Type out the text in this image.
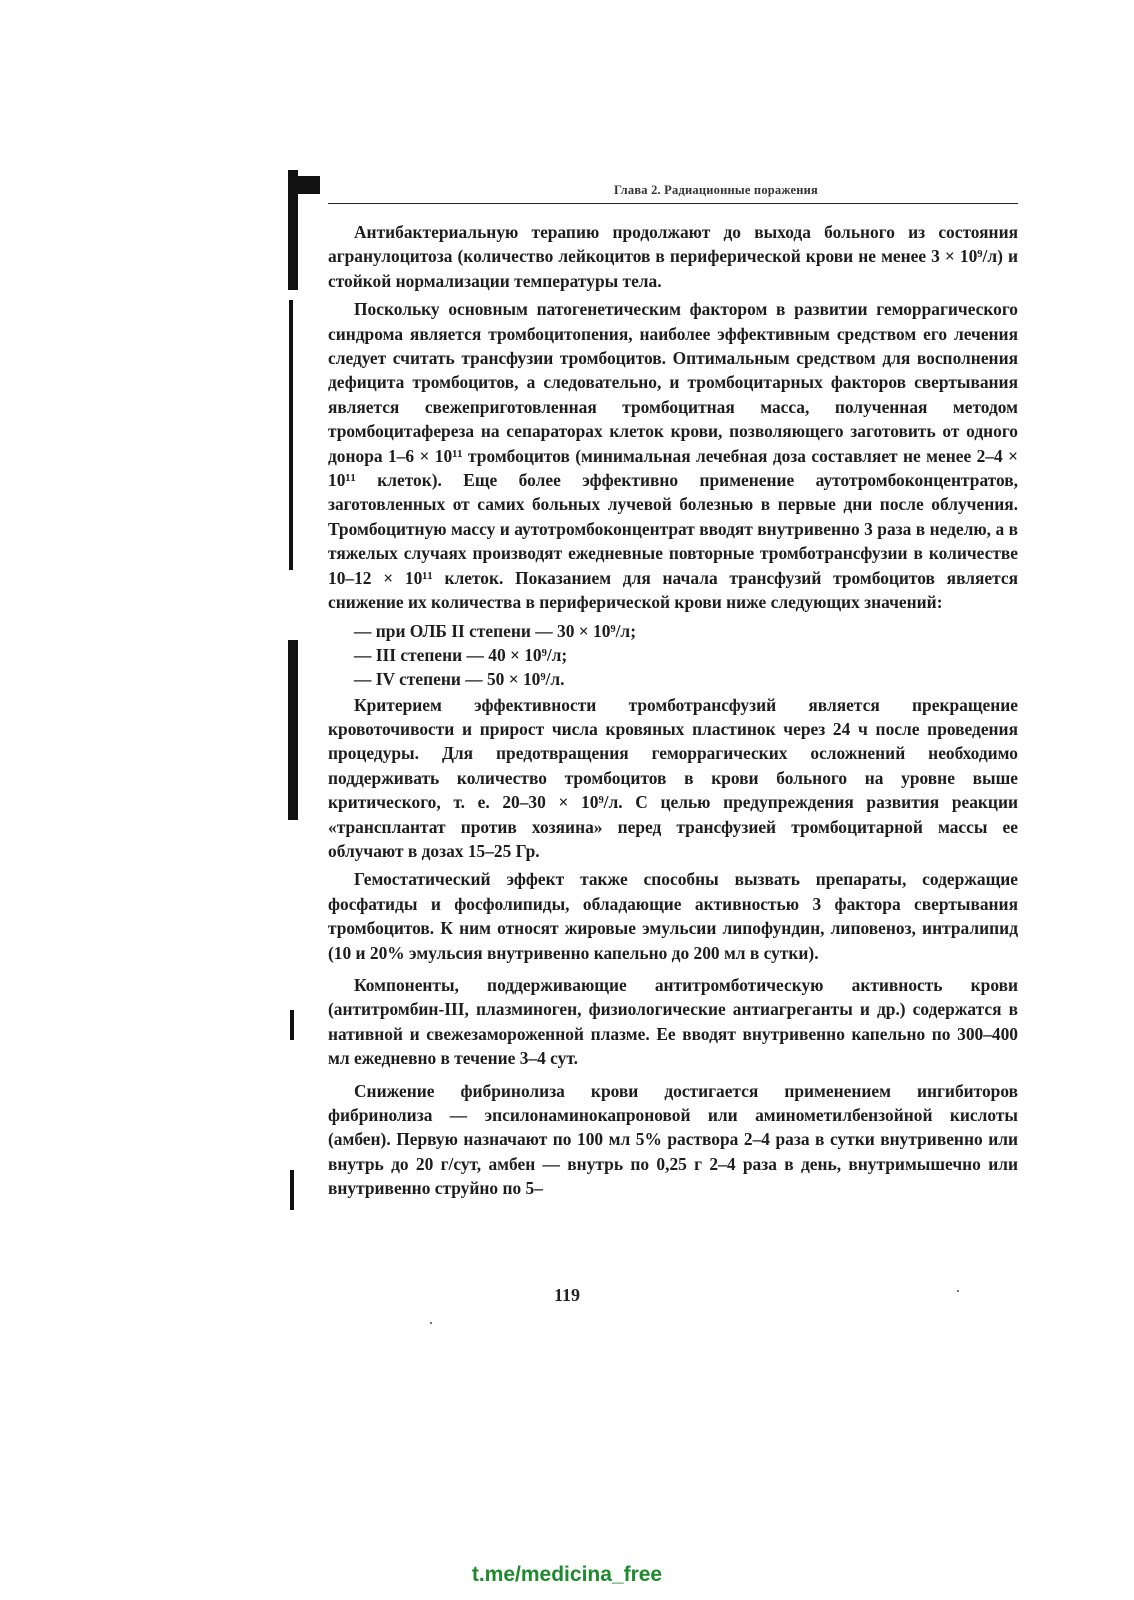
Глава 2. Радиационные поражения

Антибактериальную терапию продолжают до выхода больного из состояния агранулоцитоза (количество лейкоцитов в периферической крови не менее 3 × 10⁹/л) и стойкой нормализации температуры тела.

Поскольку основным патогенетическим фактором в развитии геморрагического синдрома является тромбоцитопения, наиболее эффективным средством его лечения следует считать трансфузии тромбоцитов. Оптимальным средством для восполнения дефицита тромбоцитов, а следовательно, и тромбоцитарных факторов свертывания является свежеприготовленная тромбоцитная масса, полученная методом тромбоцитафереза на сепараторах клеток крови, позволяющего заготовить от одного донора 1–6 × 10¹¹ тромбоцитов (минимальная лечебная доза составляет не менее 2–4 × 10¹¹ клеток). Еще более эффективно применение аутотромбоконцентратов, заготовленных от самих больных лучевой болезнью в первые дни после облучения. Тромбоцитную массу и аутотромбоконцентрат вводят внутривенно 3 раза в неделю, а в тяжелых случаях производят ежедневные повторные тромботрансфузии в количестве 10–12 × 10¹¹ клеток. Показанием для начала трансфузий тромбоцитов является снижение их количества в периферической крови ниже следующих значений:

— при ОЛБ II степени — 30 × 10⁹/л;
— III степени — 40 × 10⁹/л;
— IV степени — 50 × 10⁹/л.

Критерием эффективности тромботрансфузий является прекращение кровоточивости и прирост числа кровяных пластинок через 24 ч после проведения процедуры. Для предотвращения геморрагических осложнений необходимо поддерживать количество тромбоцитов в крови больного на уровне выше критического, т. е. 20–30 × 10⁹/л. С целью предупреждения развития реакции «трансплантат против хозяина» перед трансфузией тромбоцитарной массы ее облучают в дозах 15–25 Гр.

Гемостатический эффект также способны вызвать препараты, содержащие фосфатиды и фосфолипиды, обладающие активностью 3 фактора свертывания тромбоцитов. К ним относят жировые эмульсии липофундин, липовеноз, интралипид (10 и 20% эмульсия внутривенно капельно до 200 мл в сутки).

Компоненты, поддерживающие антитромботическую активность крови (антитромбин-III, плазминоген, физиологические антиагреганты и др.) содержатся в нативной и свежезамороженной плазме. Ее вводят внутривенно капельно по 300–400 мл ежедневно в течение 3–4 сут.

Снижение фибринолиза крови достигается применением ингибиторов фибринолиза — эпсилонаминокапроновой или аминометилбензойной кислоты (амбен). Первую назначают по 100 мл 5% раствора 2–4 раза в сутки внутривенно или внутрь до 20 г/сут, амбен — внутрь по 0,25 г 2–4 раза в день, внутримышечно или внутривенно струйно по 5–

119
t.me/medicina_free
